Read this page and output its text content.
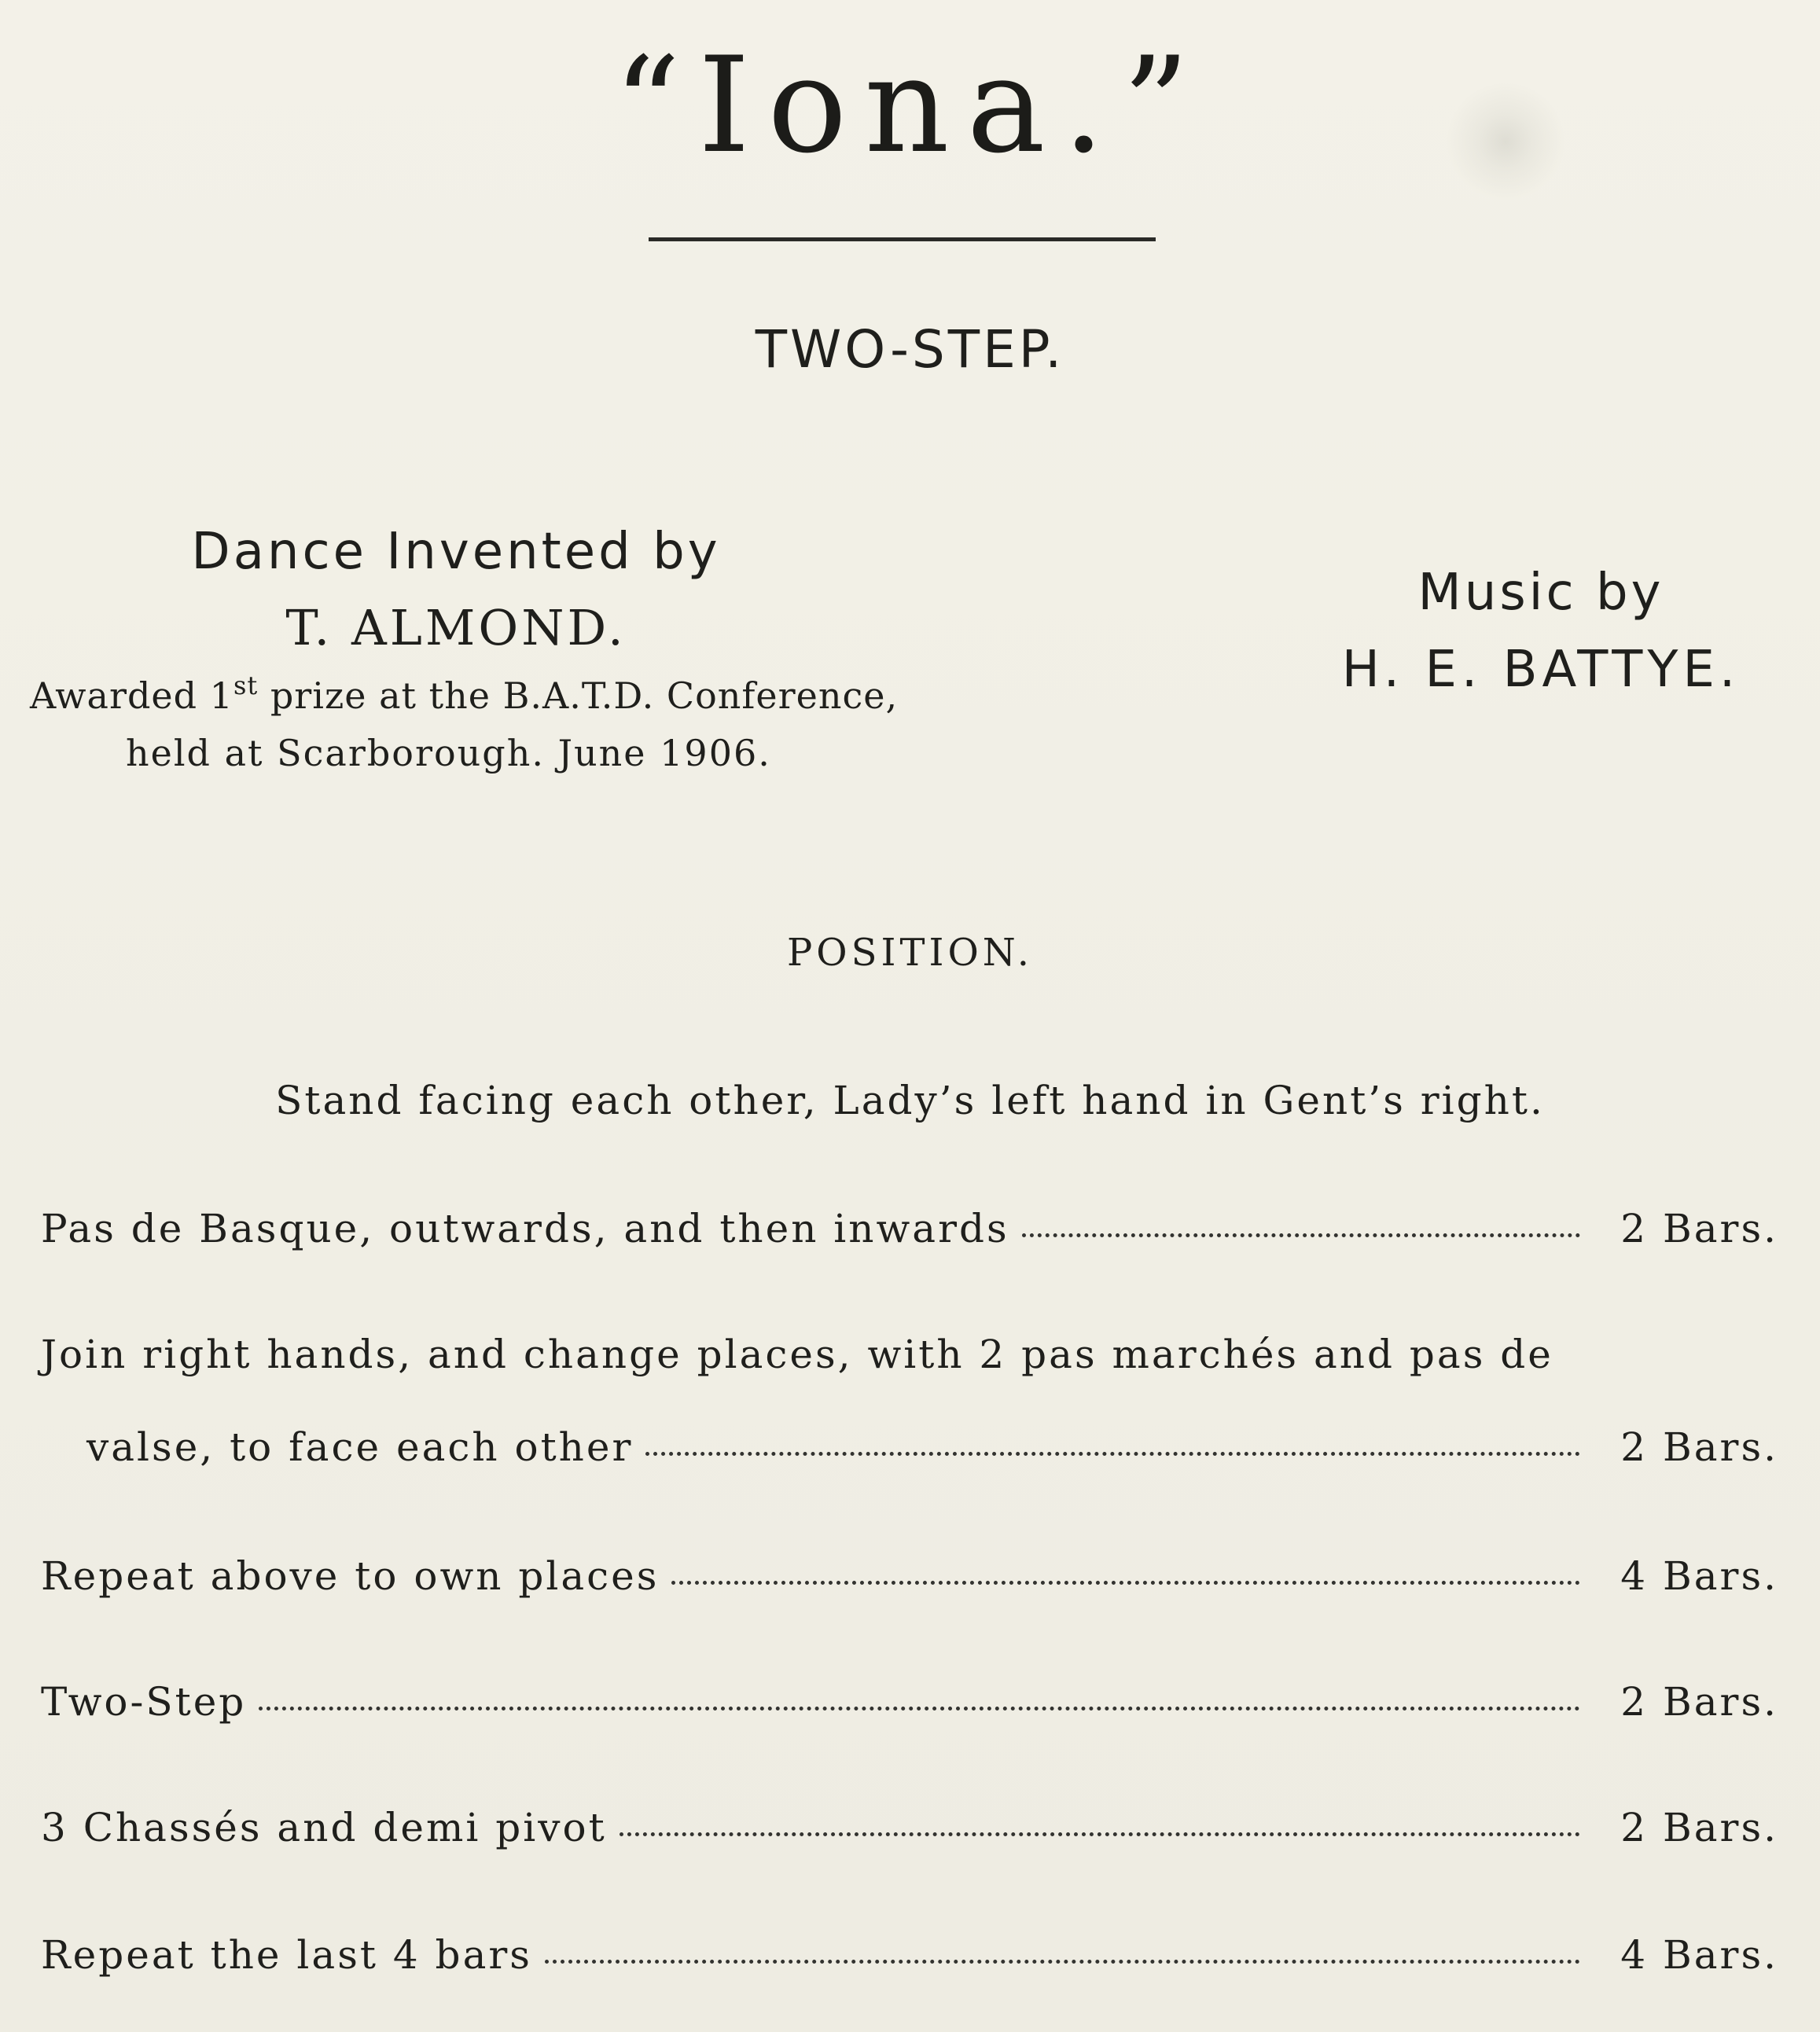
“Iona.”
TWO-STEP.
Dance Invented by
T. ALMOND.
Awarded 1st prize at the B.A.T.D. Conference,
held at Scarborough. June 1906.
Music by
H. E. BATTYE.
POSITION.
Stand facing each other, Lady’s left hand in Gent’s right.
Pas de Basque, outwards, and then inwards	2 Bars.
Join right hands, and change places, with 2 pas marchés and pas de
valse, to face each other	2 Bars.
Repeat above to own places	4 Bars.
Two-Step	2 Bars.
3 Chassés and demi pivot	2 Bars.
Repeat the last 4 bars	4 Bars.
